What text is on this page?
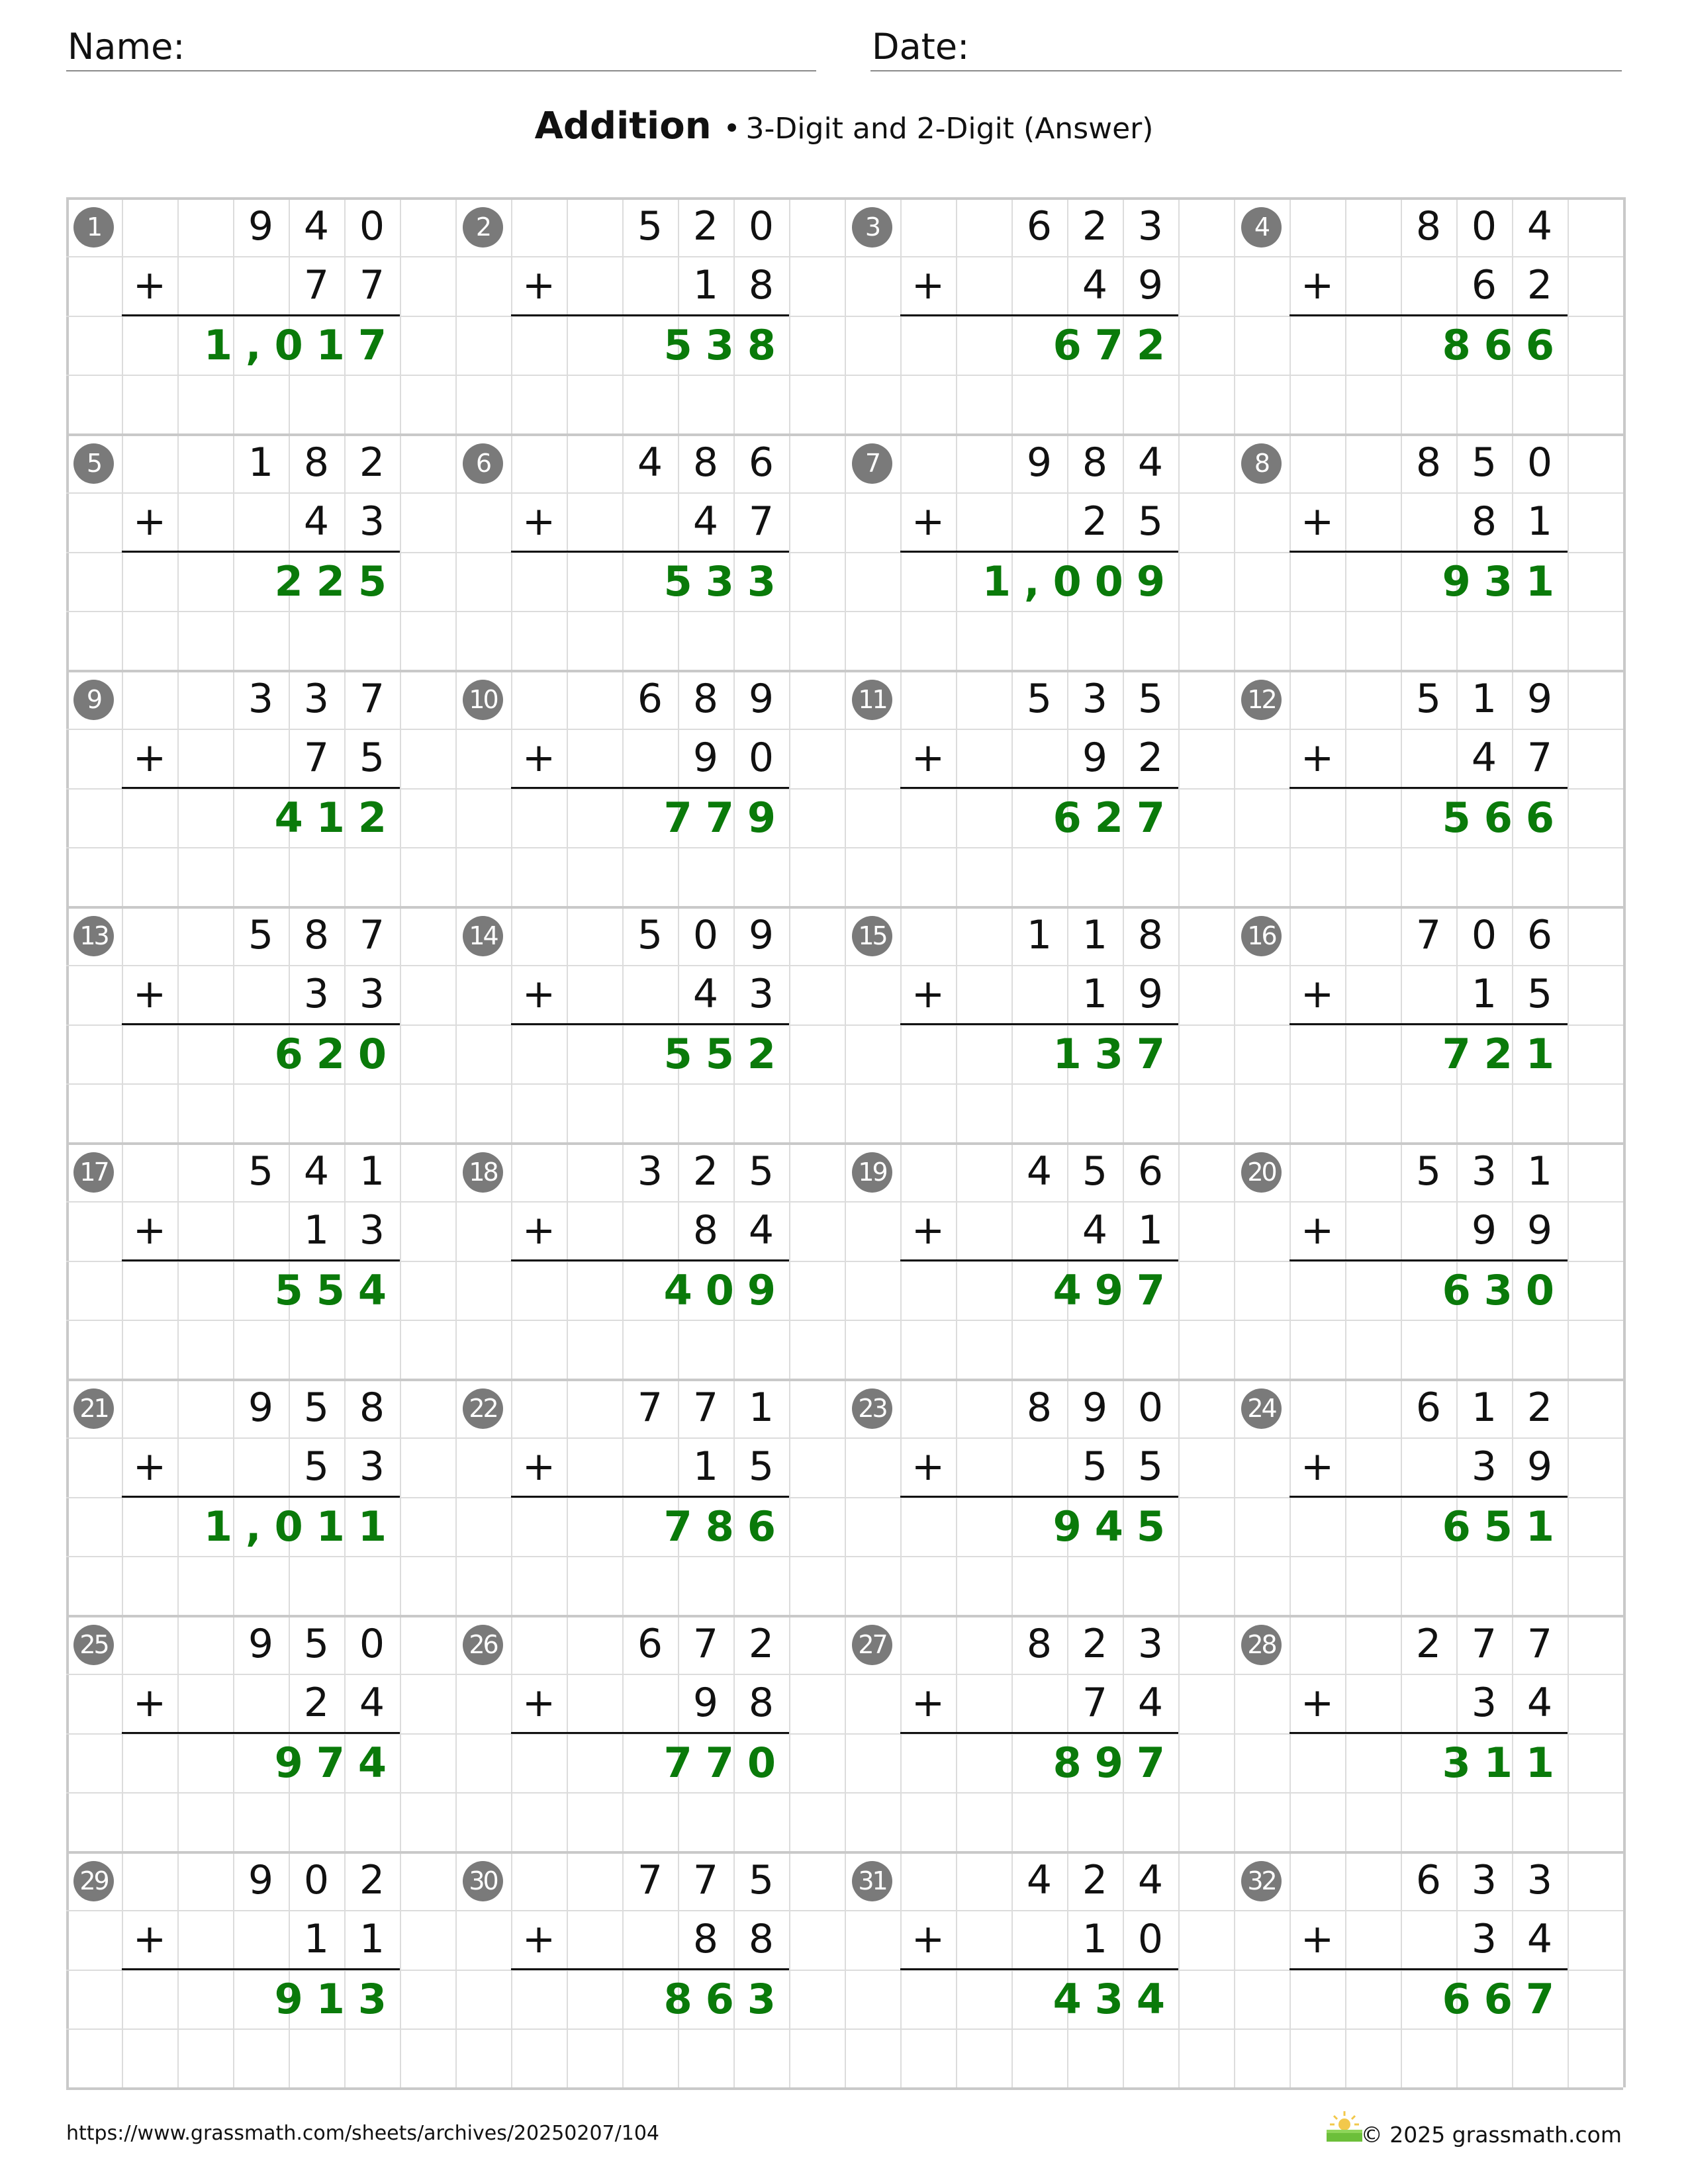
Name:	Date:
Addition • 3-Digit and 2-Digit (Answer)
1	9 4 0
+	7 7
1,017
2	5 2 0
+	1 8
538
3	6 2 3
+	4 9
672
4	8 0 4
+	6 2
866
5	1 8 2
+	4 3
225
6	4 8 6
+	4 7
533
7	9 8 4
+	2 5
1,009
8	8 5 0
+	8 1
931
9	3 3 7
+	7 5
412
10	6 8 9
+	9 0
779
11	5 3 5
+	9 2
627
12	5 1 9
+	4 7
566
13	5 8 7
+	3 3
620
14	5 0 9
+	4 3
552
15	1 1 8
+	1 9
137
16	7 0 6
+	1 5
721
17	5 4 1
+	1 3
554
18	3 2 5
+	8 4
409
19	4 5 6
+	4 1
497
20	5 3 1
+	9 9
630
21	9 5 8
+	5 3
1,011
22	7 7 1
+	1 5
786
23	8 9 0
+	5 5
945
24	6 1 2
+	3 9
651
25	9 5 0
+	2 4
974
26	6 7 2
+	9 8
770
27	8 2 3
+	7 4
897
28	2 7 7
+	3 4
311
29	9 0 2
+	1 1
913
30	7 7 5
+	8 8
863
31	4 2 4
+	1 0
434
32	6 3 3
+	3 4
667
https://www.grassmath.com/sheets/archives/20250207/104	© 2025 grassmath.com
